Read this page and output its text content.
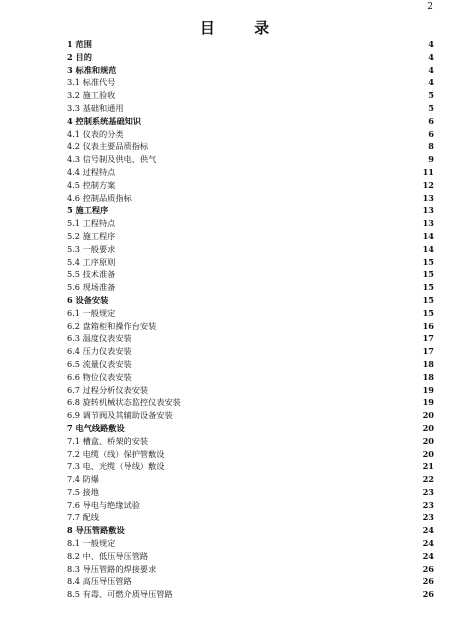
2
目 录
1 范围	4
2 目的	4
3 标准和规范	4
3.1 标准代号	4
3.2 施工验收	5
3.3 基础和通用	5
4 控制系统基础知识	6
4.1 仪表的分类	6
4.2 仪表主要品质指标	8
4.3 信号制及供电、供气	9
4.4 过程特点	11
4.5 控制方案	12
4.6 控制品质指标	13
5 施工程序	13
5.1 工程特点	13
5.2 施工程序	14
5.3 一般要求	14
5.4 工序原则	15
5.5 技术准备	15
5.6 现场准备	15
6 设备安装	15
6.1 一般规定	15
6.2 盘箱柜和操作台安装	16
6.3 温度仪表安装	17
6.4 压力仪表安装	17
6.5 流量仪表安装	18
6.6 物位仪表安装	18
6.7 过程分析仪表安装	19
6.8 旋转机械状态监控仪表安装	19
6.9 调节阀及其辅助设备安装	20
7 电气线路敷设	20
7.1 槽盒、桥架的安装	20
7.2 电缆（线）保护管敷设	20
7.3 电、光缆（导线）敷设	21
7.4 防爆	22
7.5 接地	23
7.6 导电与绝缘试验	23
7.7 配线	23
8 导压管路敷设	24
8.1 一般规定	24
8.2 中、低压导压管路	24
8.3 导压管路的焊接要求	26
8.4 高压导压管路	26
8.5 有毒、可燃介质导压管路	26
